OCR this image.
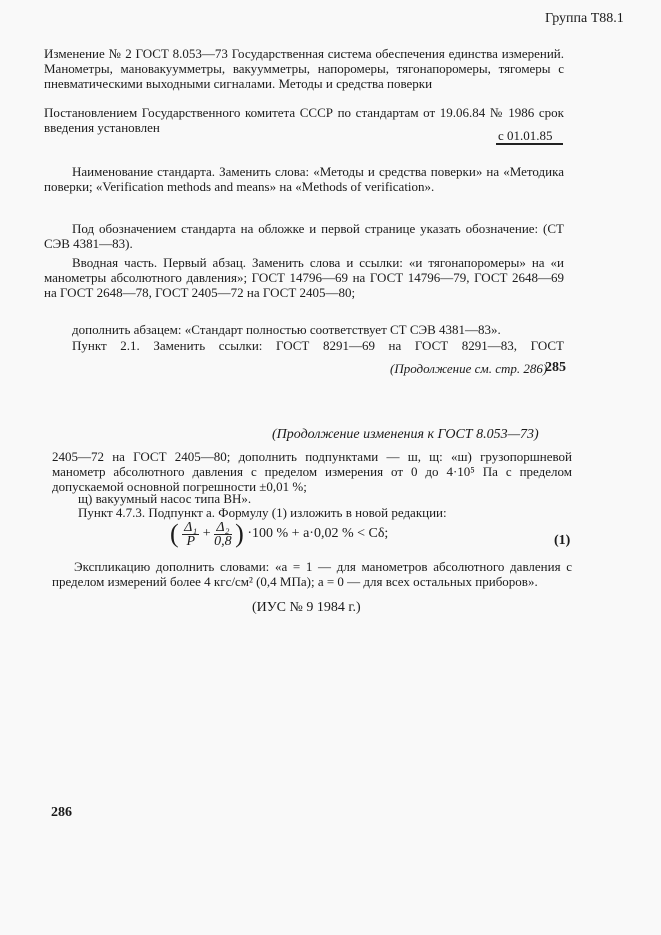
Группа Т88.1
Изменение № 2 ГОСТ 8.053—73 Государственная система обеспечения единства измерений. Манометры, мановакуумметры, вакуумметры, напоромеры, тягонапоромеры, тягомеры с пневматическими выходными сигналами. Методы и средства поверки
Постановлением Государственного комитета СССР по стандартам от 19.06.84 № 1986 срок введения установлен
с 01.01.85
Наименование стандарта. Заменить слова: «Методы и средства поверки» на «Методика поверки; «Verification methods and means» на «Methods of verification».
Под обозначением стандарта на обложке и первой странице указать обозначение: (СТ СЭВ 4381—83).
Вводная часть. Первый абзац. Заменить слова и ссылки: «и тягонапоромеры» на «и манометры абсолютного давления»; ГОСТ 14796—69 на ГОСТ 14796—79, ГОСТ 2648—69 на ГОСТ 2648—78, ГОСТ 2405—72 на ГОСТ 2405—80;
дополнить абзацем: «Стандарт полностью соответствует СТ СЭВ 4381—83».
Пункт 2.1. Заменить ссылки: ГОСТ 8291—69 на ГОСТ 8291—83, ГОСТ
(Продолжение см. стр. 286)
285
(Продолжение изменения к ГОСТ 8.053—73)
2405—72 на ГОСТ 2405—80; дополнить подпунктами — ш, щ: «ш) грузопоршневой манометр абсолютного давления с пределом измерения от 0 до 4·10⁵ Па с пределом допускаемой основной погрешности ±0,01 %;
щ) вакуумный насос типа ВН».
Пункт 4.7.3. Подпункт а. Формулу (1) изложить в новой редакции:
( $\frac{\text{Δ₁}}{P} + \frac{\text{Δ₂}}{0,8}$ ) ·100 % + a·0,02 % < Cδ;	(1)
Экспликацию дополнить словами: «a = 1 — для манометров абсолютного давления с пределом измерений более 4 кгс/см² (0,4 МПа); a = 0 — для всех остальных приборов».
(ИУС № 9 1984 г.)
286
